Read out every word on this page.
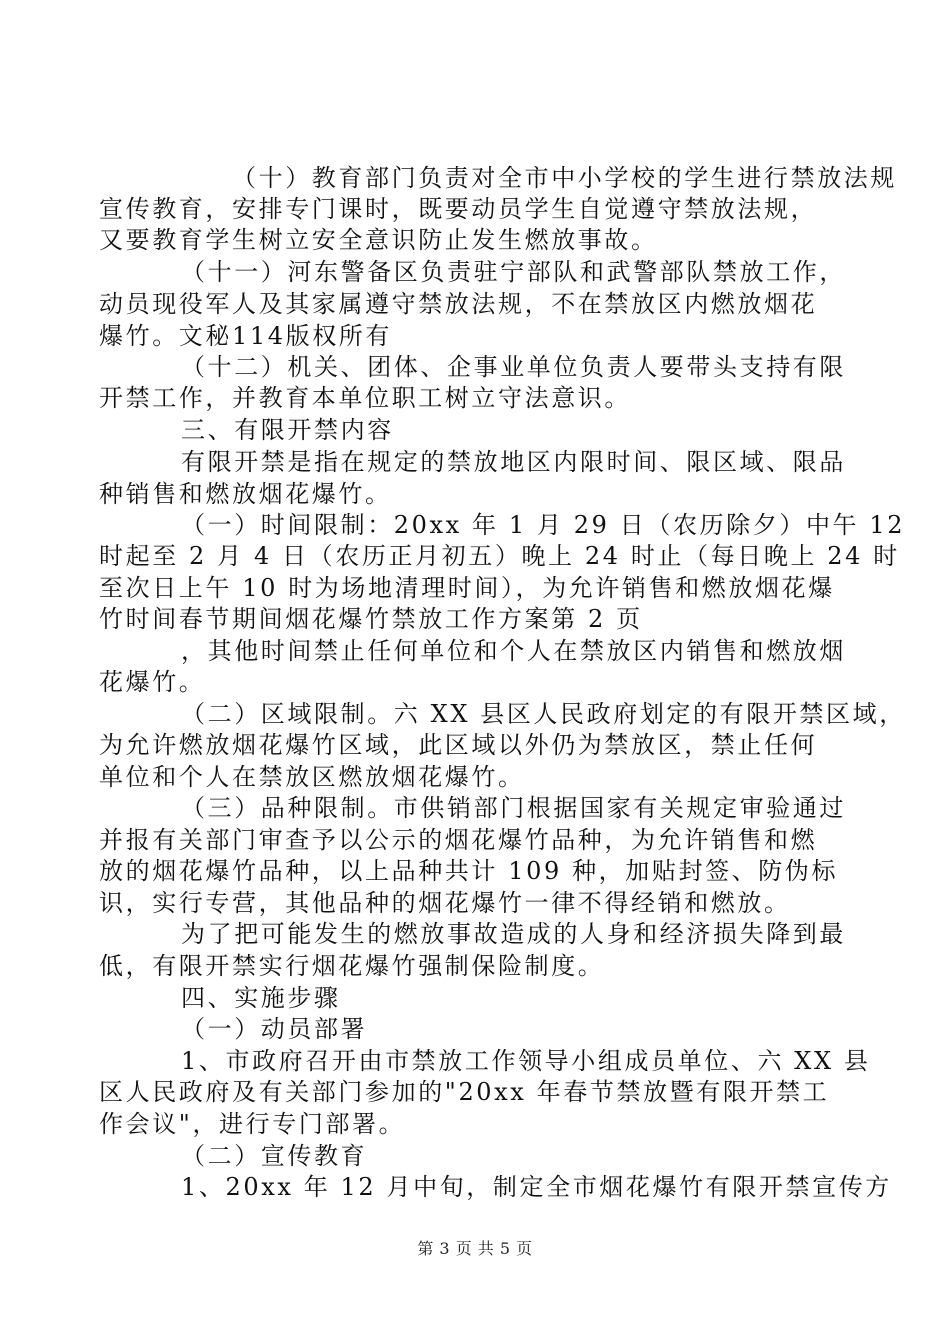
（十）教育部门负责对全市中小学校的学生进行禁放法规
宣传教育，安排专门课时，既要动员学生自觉遵守禁放法规，
又要教育学生树立安全意识防止发生燃放事故。
（十一）河东警备区负责驻宁部队和武警部队禁放工作，
动员现役军人及其家属遵守禁放法规，不在禁放区内燃放烟花
爆竹。文秘114版权所有
（十二）机关、团体、企事业单位负责人要带头支持有限
开禁工作，并教育本单位职工树立守法意识。
三、有限开禁内容
有限开禁是指在规定的禁放地区内限时间、限区域、限品
种销售和燃放烟花爆竹。
（一）时间限制：20xx 年 1 月 29 日（农历除夕）中午 12
时起至 2 月 4 日（农历正月初五）晚上 24 时止（每日晚上 24 时
至次日上午 10 时为场地清理时间），为允许销售和燃放烟花爆
竹时间春节期间烟花爆竹禁放工作方案第 2 页
，其他时间禁止任何单位和个人在禁放区内销售和燃放烟
花爆竹。
（二）区域限制。六 XX 县区人民政府划定的有限开禁区域，
为允许燃放烟花爆竹区域，此区域以外仍为禁放区，禁止任何
单位和个人在禁放区燃放烟花爆竹。
（三）品种限制。市供销部门根据国家有关规定审验通过
并报有关部门审查予以公示的烟花爆竹品种，为允许销售和燃
放的烟花爆竹品种，以上品种共计 109 种，加贴封签、防伪标
识，实行专营，其他品种的烟花爆竹一律不得经销和燃放。
为了把可能发生的燃放事故造成的人身和经济损失降到最
低，有限开禁实行烟花爆竹强制保险制度。
四、实施步骤
（一）动员部署
1、市政府召开由市禁放工作领导小组成员单位、六 XX 县
区人民政府及有关部门参加的"20xx 年春节禁放暨有限开禁工
作会议"，进行专门部署。
（二）宣传教育
1、20xx 年 12 月中旬，制定全市烟花爆竹有限开禁宣传方
第 3 页 共 5 页
